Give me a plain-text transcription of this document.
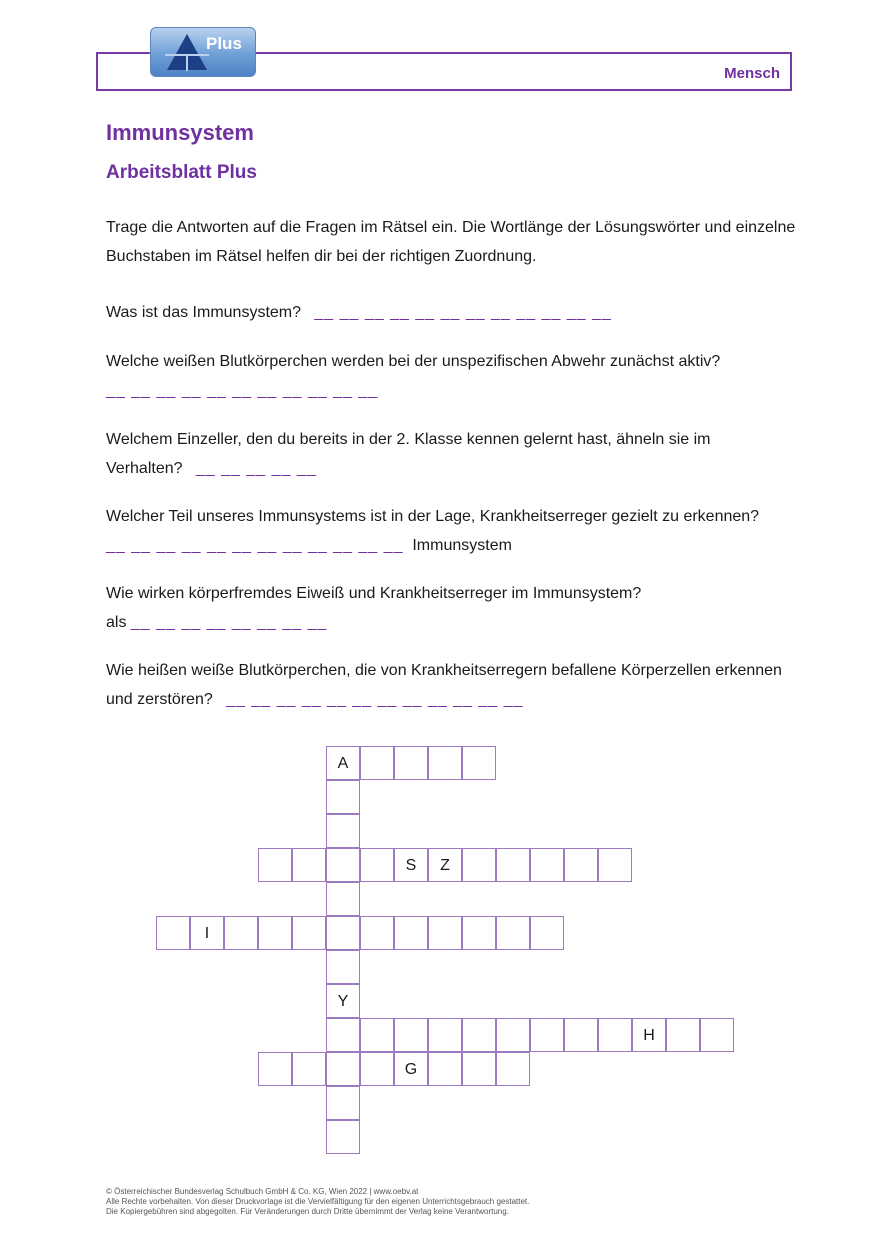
Mensch
Plus
Immunsystem
Arbeitsblatt Plus

Trage die Antworten auf die Fragen im Rätsel ein. Die Wortlänge der Lösungswörter und einzelne Buchstaben im Rätsel helfen dir bei der richtigen Zuordnung.

Was ist das Immunsystem? __ __ __ __ __ __ __ __ __ __ __ __

Welche weißen Blutkörperchen werden bei der unspezifischen Abwehr zunächst aktiv?
__ __ __ __ __ __ __ __ __ __ __

Welchem Einzeller, den du bereits in der 2. Klasse kennen gelernt hast, ähneln sie im Verhalten? __ __ __ __ __

Welcher Teil unseres Immunsystems ist in der Lage, Krankheitserreger gezielt zu erkennen?
__ __ __ __ __ __ __ __ __ __ __ __ Immunsystem

Wie wirken körperfremdes Eiweiß und Krankheitserreger im Immunsystem?
als __ __ __ __ __ __ __ __

Wie heißen weiße Blutkörperchen, die von Krankheitserregern befallene Körperzellen erkennen und zerstören? __ __ __ __ __ __ __ __ __ __ __ __

A
Y
S	Z
I
H
G
© Österreichischer Bundesverlag Schulbuch GmbH & Co. KG, Wien 2022 | www.oebv.at
Alle Rechte vorbehalten. Von dieser Druckvorlage ist die Vervielfältigung für den eigenen Unterrichtsgebrauch gestattet.
Die Kopiergebühren sind abgegolten. Für Veränderungen durch Dritte übernimmt der Verlag keine Verantwortung.
